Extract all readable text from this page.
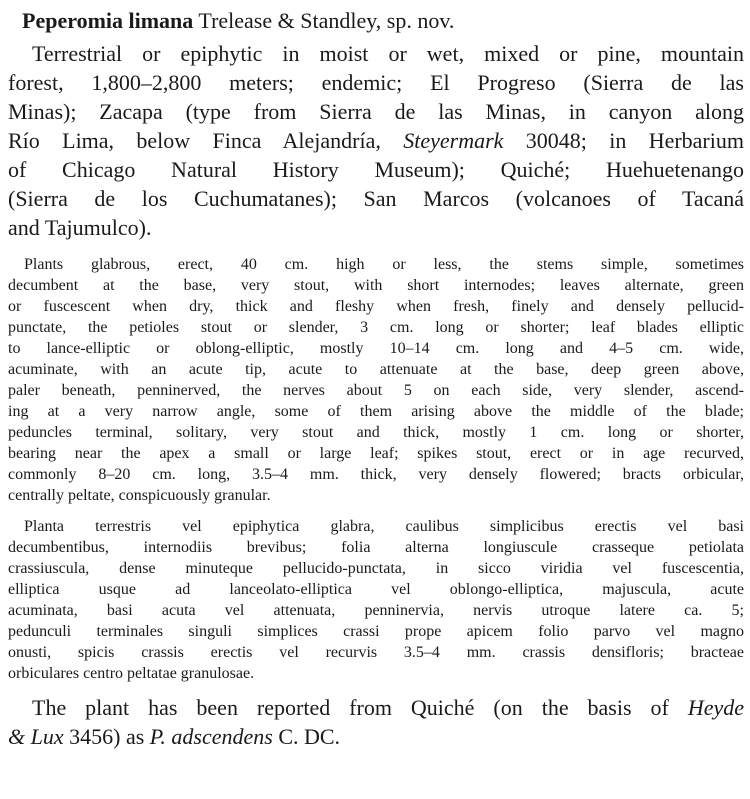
Peperomia limana Trelease & Standley, sp. nov.
Terrestrial or epiphytic in moist or wet, mixed or pine, mountain
forest, 1,800–2,800 meters; endemic; El Progreso (Sierra de las
Minas); Zacapa (type from Sierra de las Minas, in canyon along
Río Lima, below Finca Alejandría, Steyermark 30048; in Herbarium
of Chicago Natural History Museum); Quiché; Huehuetenango
(Sierra de los Cuchumatanes); San Marcos (volcanoes of Tacaná
and Tajumulco).
Plants glabrous, erect, 40 cm. high or less, the stems simple, sometimes
decumbent at the base, very stout, with short internodes; leaves alternate, green
or fuscescent when dry, thick and fleshy when fresh, finely and densely pellucid-
punctate, the petioles stout or slender, 3 cm. long or shorter; leaf blades elliptic
to lance-elliptic or oblong-elliptic, mostly 10–14 cm. long and 4–5 cm. wide,
acuminate, with an acute tip, acute to attenuate at the base, deep green above,
paler beneath, penninerved, the nerves about 5 on each side, very slender, ascend-
ing at a very narrow angle, some of them arising above the middle of the blade;
peduncles terminal, solitary, very stout and thick, mostly 1 cm. long or shorter,
bearing near the apex a small or large leaf; spikes stout, erect or in age recurved,
commonly 8–20 cm. long, 3.5–4 mm. thick, very densely flowered; bracts orbicular,
centrally peltate, conspicuously granular.
Planta terrestris vel epiphytica glabra, caulibus simplicibus erectis vel basi
decumbentibus, internodiis brevibus; folia alterna longiuscule crasseque petiolata
crassiuscula, dense minuteque pellucido-punctata, in sicco viridia vel fuscescentia,
elliptica usque ad lanceolato-elliptica vel oblongo-elliptica, majuscula, acute
acuminata, basi acuta vel attenuata, penninervia, nervis utroque latere ca. 5;
pedunculi terminales singuli simplices crassi prope apicem folio parvo vel magno
onusti, spicis crassis erectis vel recurvis 3.5–4 mm. crassis densifloris; bracteae
orbiculares centro peltatae granulosae.
The plant has been reported from Quiché (on the basis of Heyde
& Lux 3456) as P. adscendens C. DC.
